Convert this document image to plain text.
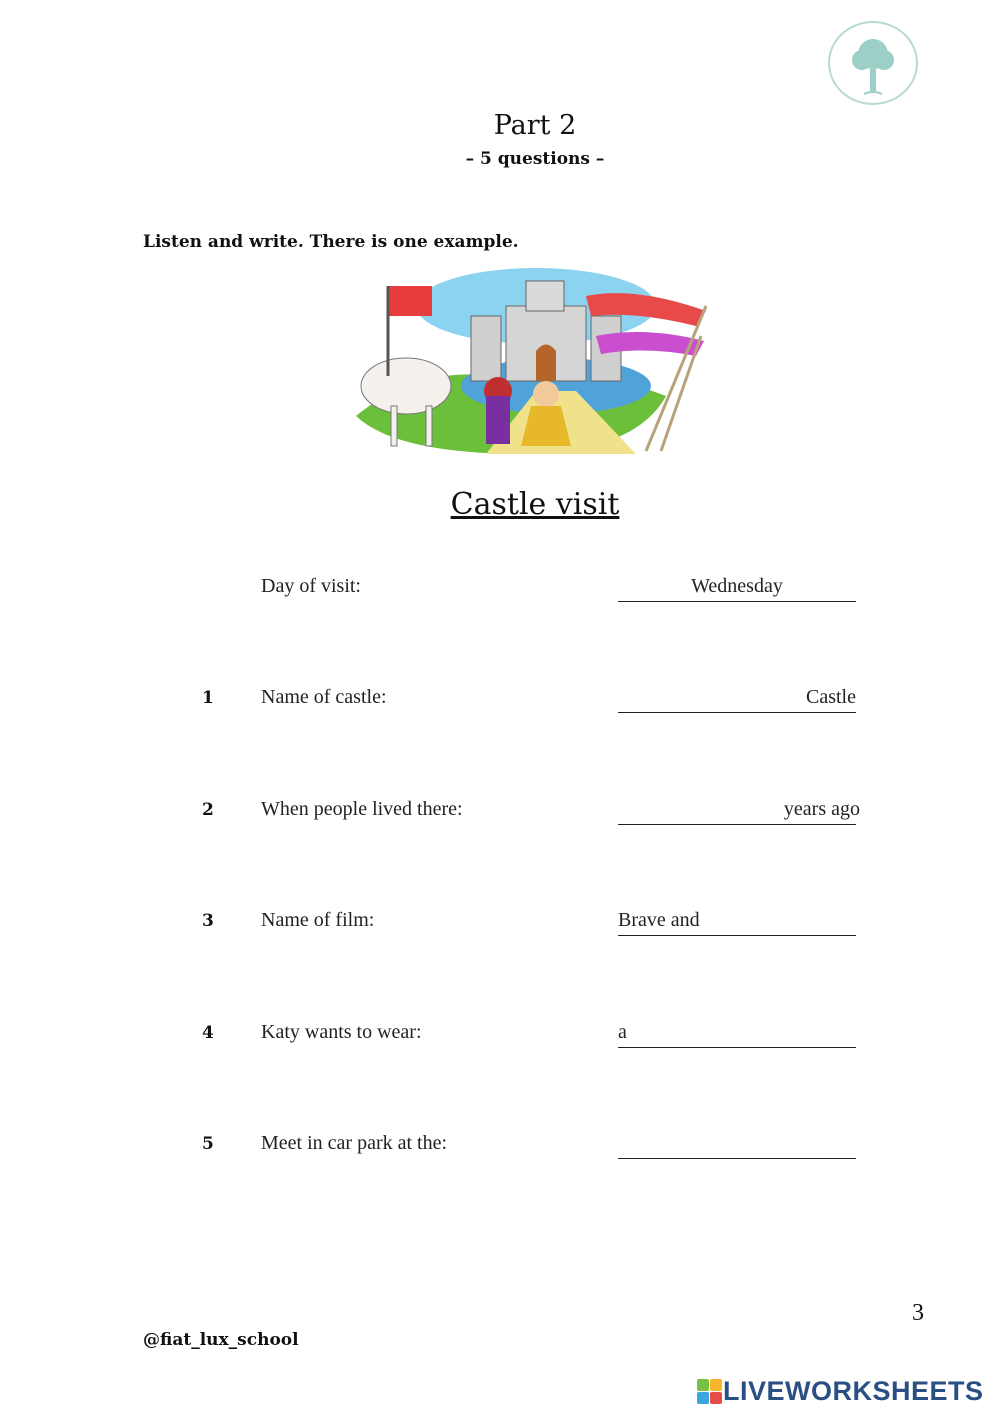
Part 2
– 5 questions –
Listen and write. There is one example.
Castle visit
Day of visit:	Wednesday
1 Name of castle:	Castle
2 When people lived there:	years ago
3 Name of film:	Brave and
4 Katy wants to wear:	a
5 Meet in car park at the:
3
@fiat_lux_school
LIVEWORKSHEETS
